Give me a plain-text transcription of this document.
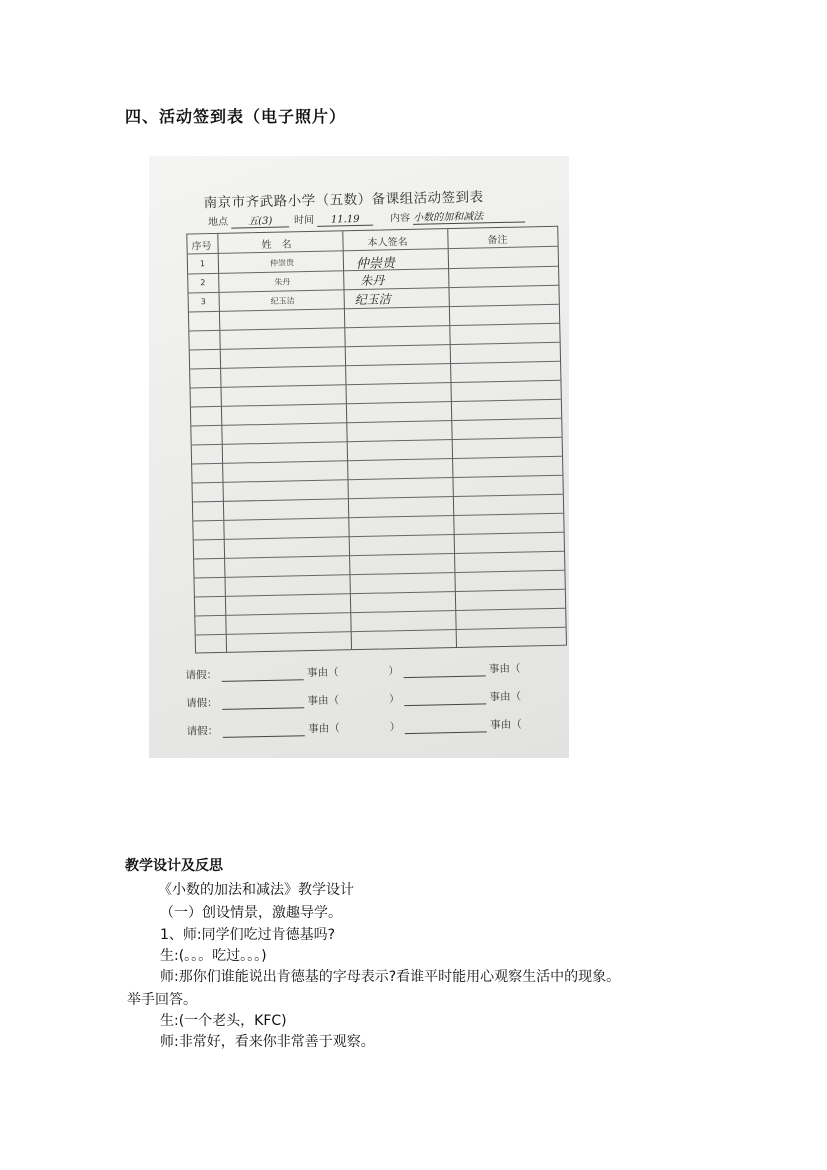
四、活动签到表（电子照片）
南京市齐武路小学（五数）备课组活动签到表
地点 五(3)	时间 11.19	内容 小数的加和减法
序号	姓　名	本人签名	备注
1	仲崇贵	仲崇贵
2	朱丹	朱丹
3	纪玉洁	纪玉洁
请假：	事由（	）	事由（
请假：	事由（	）	事由（
请假：	事由（	）	事由（
教学设计及反思
《小数的加法和减法》教学设计
（一）创设情景，激趣导学。
1、师:同学们吃过肯德基吗?
生:(。。。吃过。。。)
师:那你们谁能说出肯德基的字母表示?看谁平时能用心观察生活中的现象。
举手回答。
生:(一个老头，KFC)
师:非常好，看来你非常善于观察。
